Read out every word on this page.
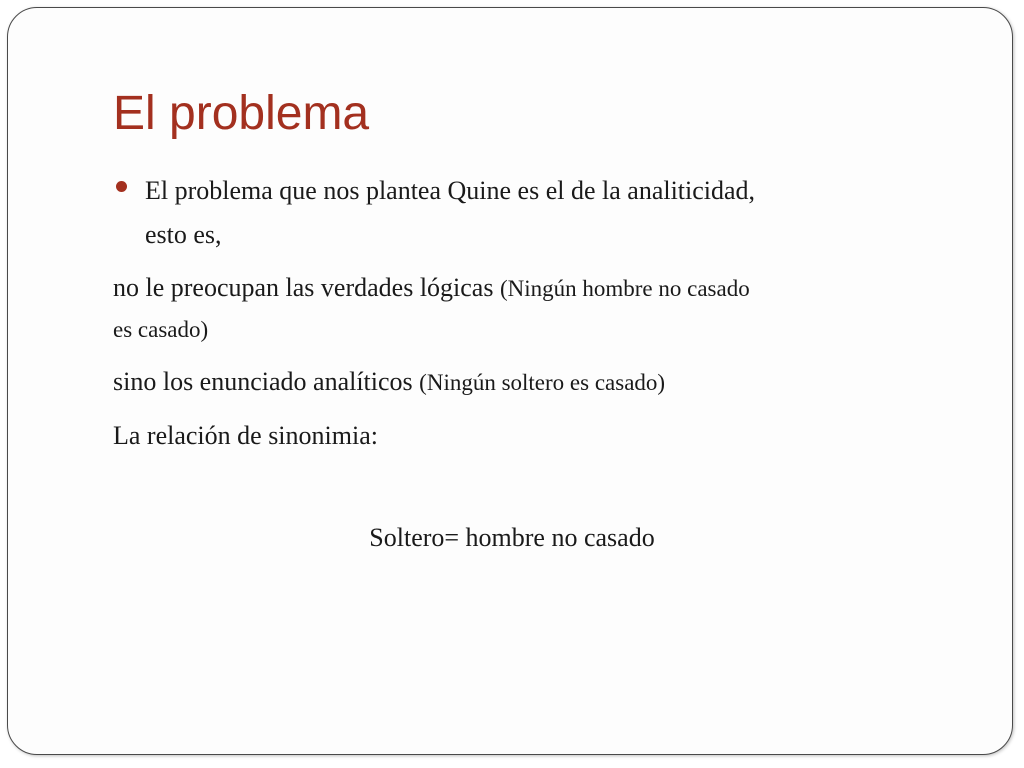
El problema
El problema que nos plantea Quine es el de la analiticidad,
esto es,
no le preocupan las verdades lógicas (Ningún hombre no casado
es casado)
sino los enunciado analíticos (Ningún soltero es casado)
La relación de sinonimia:
Soltero= hombre no casado
